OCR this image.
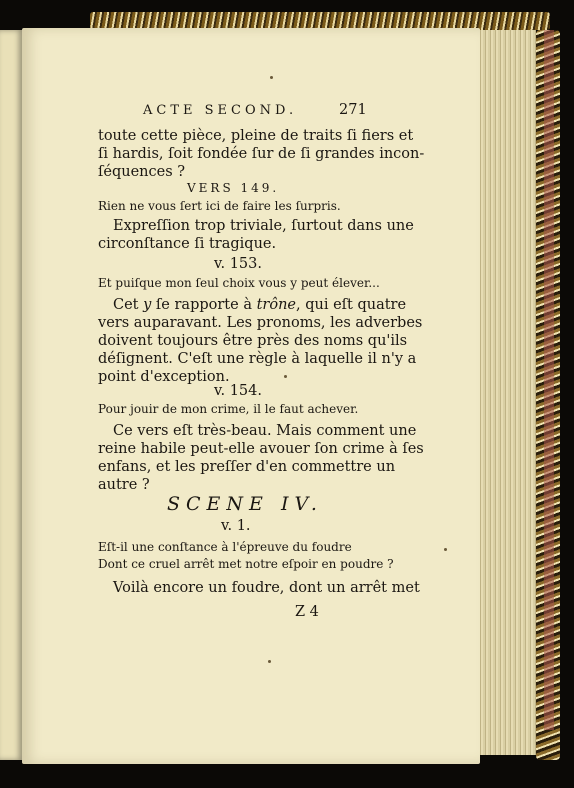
ACTE SECOND.	271
toute cette pièce, pleine de traits ſi fiers et
ſi hardis, ſoit fondée ſur de ſi grandes incon-
ſéquences ?
VERS 149.
Rien ne vous ſert ici de faire les ſurpris.
Expreſſion trop triviale, ſurtout dans une
circonſtance ſi tragique.
v. 153.
Et puiſque mon ſeul choix vous y peut élever...
Cet y ſe rapporte à trône, qui eſt quatre
vers auparavant. Les pronoms, les adverbes
doivent toujours être près des noms qu'ils
déſignent. C'eſt une règle à laquelle il n'y a
point d'exception.
v. 154.
Pour jouir de mon crime, il le faut achever.
Ce vers eſt très-beau. Mais comment une
reine habile peut-elle avouer ſon crime à ſes
enfans, et les preſſer d'en commettre un
autre ?
SCENE IV.
v. 1.
Eſt-il une conſtance à l'épreuve du foudre
Dont ce cruel arrêt met notre eſpoir en poudre ?
Voilà encore un foudre, dont un arrêt met
Z 4
